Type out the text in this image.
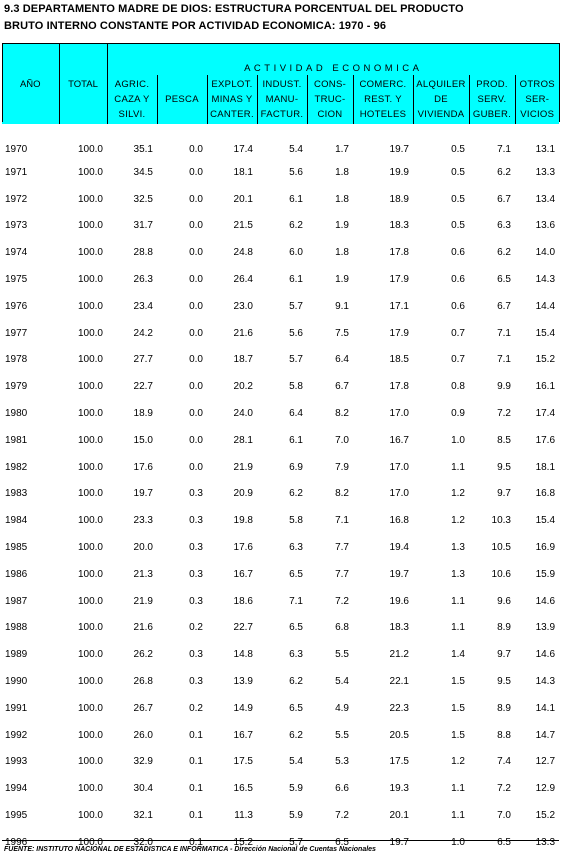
9.3 DEPARTAMENTO MADRE DE DIOS: ESTRUCTURA PORCENTUAL DEL PRODUCTO
BRUTO INTERNO CONSTANTE POR ACTIVIDAD ECONOMICA: 1970 - 96
AÑO	TOTAL	ACTIVIDAD ECONOMICA								
		AGRIC.
CAZA Y
SILVI.	PESCA	EXPLOT.
MINAS Y
CANTER.	INDUST.
MANU-
FACTUR.	CONS-
TRUC-
CION	COMERC.
REST. Y
HOTELES	ALQUILER
DE
VIVIENDA	PROD.
SERV.
GUBER.	OTROS
SER-
VICIOS
1970	100.0	35.1	0.0	17.4	5.4	1.7	19.7	0.5	7.1	13.1
1971	100.0	34.5	0.0	18.1	5.6	1.8	19.9	0.5	6.2	13.3
1972	100.0	32.5	0.0	20.1	6.1	1.8	18.9	0.5	6.7	13.4
1973	100.0	31.7	0.0	21.5	6.2	1.9	18.3	0.5	6.3	13.6
1974	100.0	28.8	0.0	24.8	6.0	1.8	17.8	0.6	6.2	14.0
1975	100.0	26.3	0.0	26.4	6.1	1.9	17.9	0.6	6.5	14.3
1976	100.0	23.4	0.0	23.0	5.7	9.1	17.1	0.6	6.7	14.4
1977	100.0	24.2	0.0	21.6	5.6	7.5	17.9	0.7	7.1	15.4
1978	100.0	27.7	0.0	18.7	5.7	6.4	18.5	0.7	7.1	15.2
1979	100.0	22.7	0.0	20.2	5.8	6.7	17.8	0.8	9.9	16.1
1980	100.0	18.9	0.0	24.0	6.4	8.2	17.0	0.9	7.2	17.4
1981	100.0	15.0	0.0	28.1	6.1	7.0	16.7	1.0	8.5	17.6
1982	100.0	17.6	0.0	21.9	6.9	7.9	17.0	1.1	9.5	18.1
1983	100.0	19.7	0.3	20.9	6.2	8.2	17.0	1.2	9.7	16.8
1984	100.0	23.3	0.3	19.8	5.8	7.1	16.8	1.2	10.3	15.4
1985	100.0	20.0	0.3	17.6	6.3	7.7	19.4	1.3	10.5	16.9
1986	100.0	21.3	0.3	16.7	6.5	7.7	19.7	1.3	10.6	15.9
1987	100.0	21.9	0.3	18.6	7.1	7.2	19.6	1.1	9.6	14.6
1988	100.0	21.6	0.2	22.7	6.5	6.8	18.3	1.1	8.9	13.9
1989	100.0	26.2	0.3	14.8	6.3	5.5	21.2	1.4	9.7	14.6
1990	100.0	26.8	0.3	13.9	6.2	5.4	22.1	1.5	9.5	14.3
1991	100.0	26.7	0.2	14.9	6.5	4.9	22.3	1.5	8.9	14.1
1992	100.0	26.0	0.1	16.7	6.2	5.5	20.5	1.5	8.8	14.7
1993	100.0	32.9	0.1	17.5	5.4	5.3	17.5	1.2	7.4	12.7
1994	100.0	30.4	0.1	16.5	5.9	6.6	19.3	1.1	7.2	12.9
1995	100.0	32.1	0.1	11.3	5.9	7.2	20.1	1.1	7.0	15.2
1996	100.0	32.0	0.1	15.2	5.7	6.5	19.7	1.0	6.5	13.3
FUENTE: INSTITUTO NACIONAL DE ESTADISTICA E INFORMATICA - Dirección Nacional de Cuentas Nacionales
